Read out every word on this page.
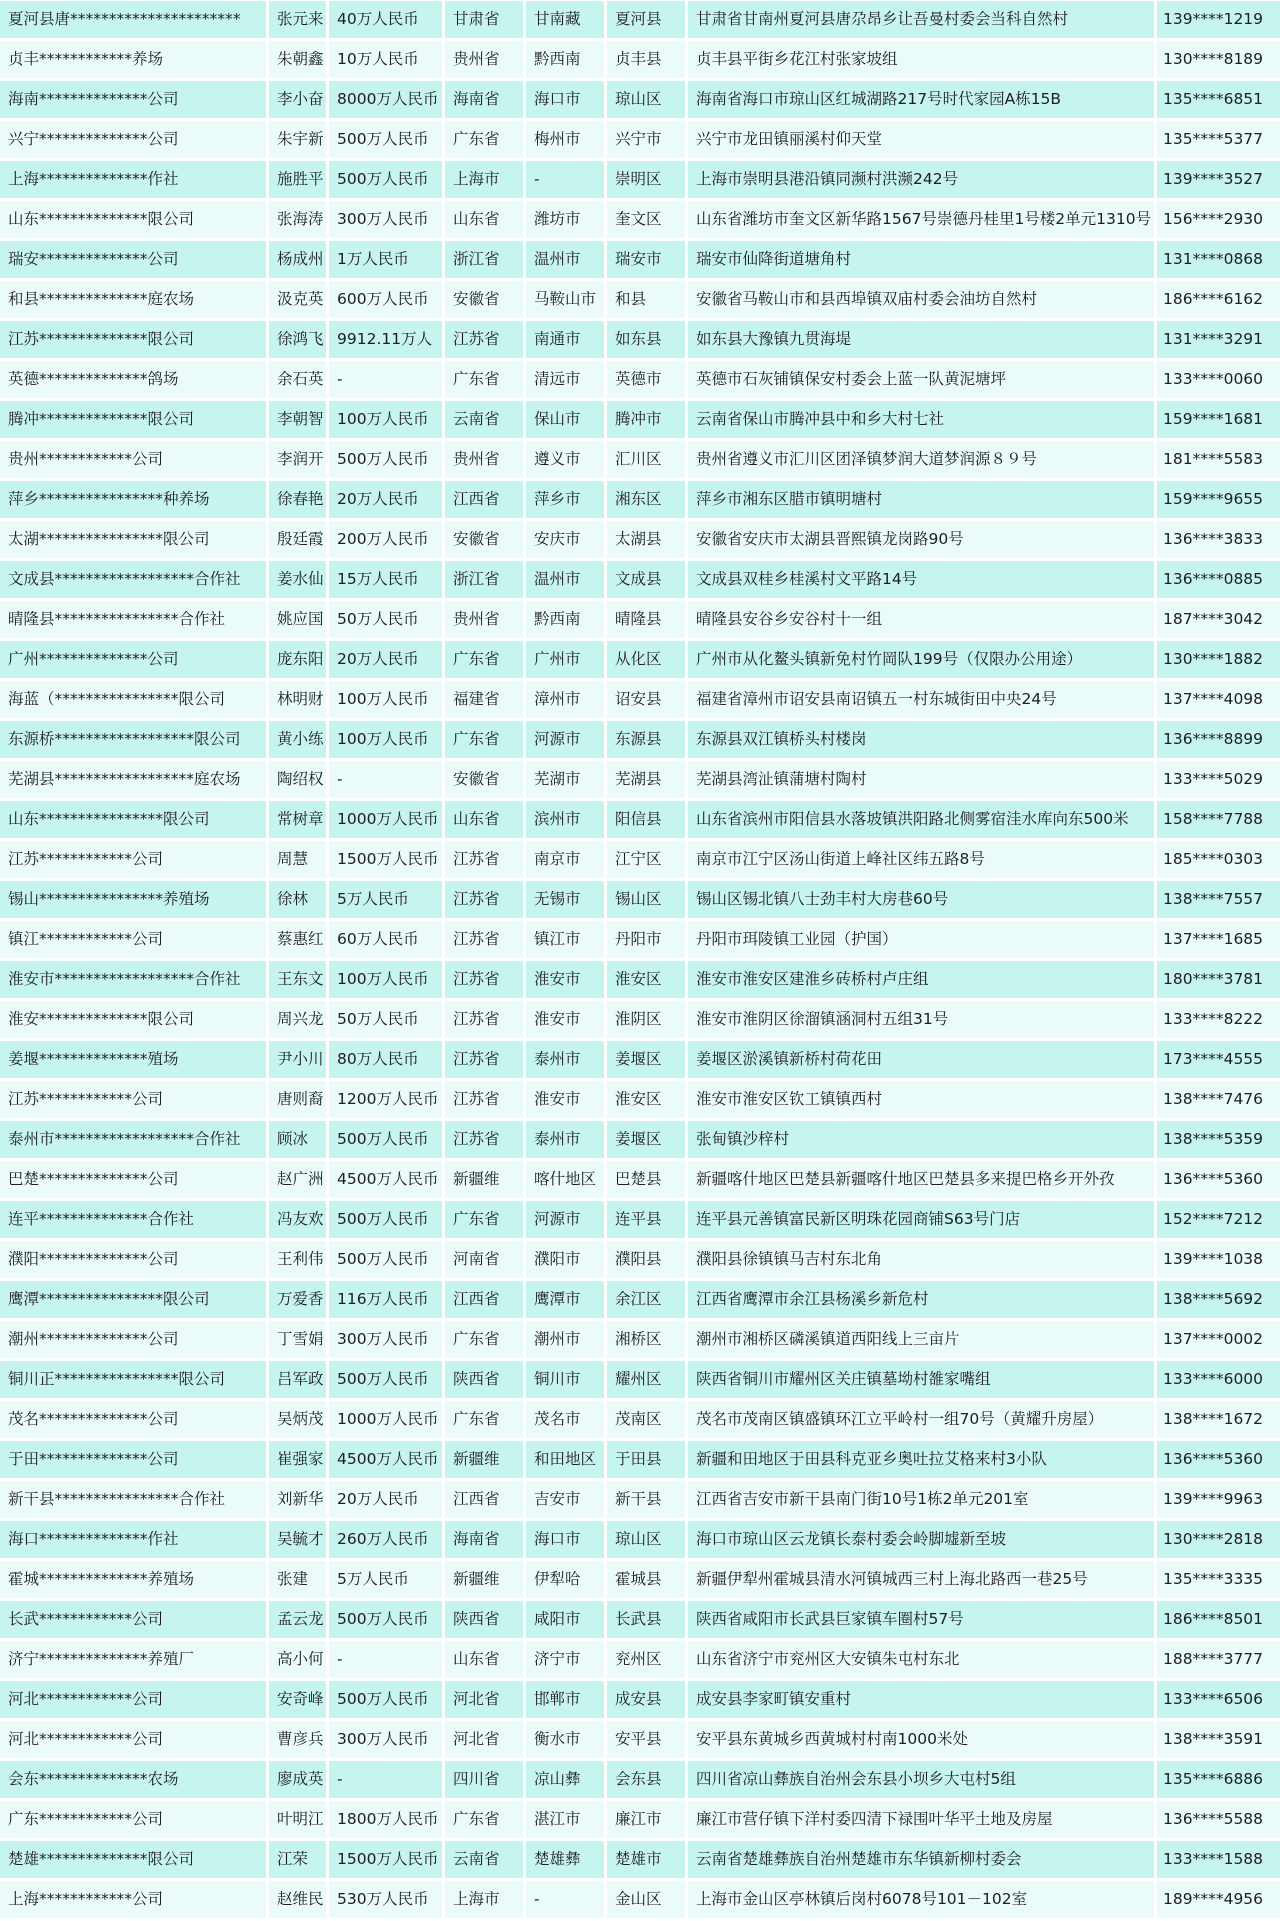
夏河县唐**********************	张元来	40万人民币	甘肃省	甘南藏	夏河县	甘肃省甘南州夏河县唐尕昂乡让吾曼村委会当科自然村	139****1219
贞丰************养场	朱朝鑫	10万人民币	贵州省	黔西南	贞丰县	贞丰县平街乡花江村张家坡组	130****8189
海南**************公司	李小奋	8000万人民币	海南省	海口市	琼山区	海南省海口市琼山区红城湖路217号时代家园A栋15B	135****6851
兴宁**************公司	朱宇新	500万人民币	广东省	梅州市	兴宁市	兴宁市龙田镇丽溪村仰天堂	135****5377
上海**************作社	施胜平	500万人民币	上海市	-	崇明区	上海市崇明县港沿镇同濒村洪濒242号	139****3527
山东**************限公司	张海涛	300万人民币	山东省	潍坊市	奎文区	山东省潍坊市奎文区新华路1567号崇德丹桂里1号楼2单元1310号	156****2930
瑞安**************公司	杨成州	1万人民币	浙江省	温州市	瑞安市	瑞安市仙降街道塘角村	131****0868
和县**************庭农场	汲克英	600万人民币	安徽省	马鞍山市	和县	安徽省马鞍山市和县西埠镇双庙村委会油坊自然村	186****6162
江苏**************限公司	徐鸿飞	9912.11万人	江苏省	南通市	如东县	如东县大豫镇九贯海堤	131****3291
英德**************鸽场	余石英	-	广东省	清远市	英德市	英德市石灰铺镇保安村委会上蓝一队黄泥塘坪	133****0060
腾冲**************限公司	李朝智	100万人民币	云南省	保山市	腾冲市	云南省保山市腾冲县中和乡大村七社	159****1681
贵州************公司	李润开	500万人民币	贵州省	遵义市	汇川区	贵州省遵义市汇川区团泽镇梦润大道梦润源８９号	181****5583
萍乡****************种养场	徐春艳	20万人民币	江西省	萍乡市	湘东区	萍乡市湘东区腊市镇明塘村	159****9655
太湖****************限公司	殷廷霞	200万人民币	安徽省	安庆市	太湖县	安徽省安庆市太湖县晋熙镇龙岗路90号	136****3833
文成县******************合作社	姜水仙	15万人民币	浙江省	温州市	文成县	文成县双桂乡桂溪村文平路14号	136****0885
晴隆县****************合作社	姚应国	50万人民币	贵州省	黔西南	晴隆县	晴隆县安谷乡安谷村十一组	187****3042
广州**************公司	庞东阳	20万人民币	广东省	广州市	从化区	广州市从化鳌头镇新免村竹岡队199号（仅限办公用途）	130****1882
海蓝（****************限公司	林明财	100万人民币	福建省	漳州市	诏安县	福建省漳州市诏安县南诏镇五一村东城街田中央24号	137****4098
东源桥******************限公司	黄小练	100万人民币	广东省	河源市	东源县	东源县双江镇桥头村楼岗	136****8899
芜湖县******************庭农场	陶绍权	-	安徽省	芜湖市	芜湖县	芜湖县湾沚镇蒲塘村陶村	133****5029
山东****************限公司	常树章	1000万人民币	山东省	滨州市	阳信县	山东省滨州市阳信县水落坡镇洪阳路北侧雾宿洼水库向东500米	158****7788
江苏************公司	周慧	1500万人民币	江苏省	南京市	江宁区	南京市江宁区汤山街道上峰社区纬五路8号	185****0303
锡山****************养殖场	徐林	5万人民币	江苏省	无锡市	锡山区	锡山区锡北镇八士劲丰村大房巷60号	138****7557
镇江************公司	蔡惠红	60万人民币	江苏省	镇江市	丹阳市	丹阳市珥陵镇工业园（护国）	137****1685
淮安市******************合作社	王东文	100万人民币	江苏省	淮安市	淮安区	淮安市淮安区建淮乡砖桥村卢庄组	180****3781
淮安**************限公司	周兴龙	50万人民币	江苏省	淮安市	淮阴区	淮安市淮阴区徐溜镇涵洞村五组31号	133****8222
姜堰**************殖场	尹小川	80万人民币	江苏省	泰州市	姜堰区	姜堰区淤溪镇新桥村荷花田	173****4555
江苏************公司	唐则裔	1200万人民币	江苏省	淮安市	淮安区	淮安市淮安区钦工镇镇西村	138****7476
泰州市******************合作社	顾冰	500万人民币	江苏省	泰州市	姜堰区	张甸镇沙梓村	138****5359
巴楚**************公司	赵广洲	4500万人民币	新疆维	喀什地区	巴楚县	新疆喀什地区巴楚县新疆喀什地区巴楚县多来提巴格乡开外孜	136****5360
连平**************合作社	冯友欢	500万人民币	广东省	河源市	连平县	连平县元善镇富民新区明珠花园商铺S63号门店	152****7212
濮阳**************公司	王利伟	500万人民币	河南省	濮阳市	濮阳县	濮阳县徐镇镇马吉村东北角	139****1038
鹰潭****************限公司	万爱香	116万人民币	江西省	鹰潭市	余江区	江西省鹰潭市余江县杨溪乡新危村	138****5692
潮州**************公司	丁雪娟	300万人民币	广东省	潮州市	湘桥区	潮州市湘桥区磷溪镇道西阳线上三亩片	137****0002
铜川正****************限公司	吕军政	500万人民币	陕西省	铜川市	耀州区	陕西省铜川市耀州区关庄镇墓坳村雒家嘴组	133****6000
茂名**************公司	吴炳茂	1000万人民币	广东省	茂名市	茂南区	茂名市茂南区镇盛镇环江立平岭村一组70号（黄耀升房屋）	138****1672
于田**************公司	崔强家	4500万人民币	新疆维	和田地区	于田县	新疆和田地区于田县科克亚乡奥吐拉艾格来村3小队	136****5360
新干县****************合作社	刘新华	20万人民币	江西省	吉安市	新干县	江西省吉安市新干县南门街10号1栋2单元201室	139****9963
海口**************作社	吴毓才	260万人民币	海南省	海口市	琼山区	海口市琼山区云龙镇长泰村委会岭脚墟新至坡	130****2818
霍城**************养殖场	张建	5万人民币	新疆维	伊犁哈	霍城县	新疆伊犁州霍城县清水河镇城西三村上海北路西一巷25号	135****3335
长武************公司	孟云龙	500万人民币	陕西省	咸阳市	长武县	陕西省咸阳市长武县巨家镇车圈村57号	186****8501
济宁**************养殖厂	高小何	-	山东省	济宁市	兖州区	山东省济宁市兖州区大安镇朱屯村东北	188****3777
河北************公司	安奇峰	500万人民币	河北省	邯郸市	成安县	成安县李家町镇安重村	133****6506
河北************公司	曹彦兵	300万人民币	河北省	衡水市	安平县	安平县东黄城乡西黄城村村南1000米处	138****3591
会东**************农场	廖成英	-	四川省	凉山彝	会东县	四川省凉山彝族自治州会东县小坝乡大屯村5组	135****6886
广东************公司	叶明江	1800万人民币	广东省	湛江市	廉江市	廉江市营仔镇下洋村委四清下禄围叶华平土地及房屋	136****5588
楚雄**************限公司	江荣	1500万人民币	云南省	楚雄彝	楚雄市	云南省楚雄彝族自治州楚雄市东华镇新柳村委会	133****1588
上海************公司	赵维民	530万人民币	上海市	-	金山区	上海市金山区亭林镇后岗村6078号101－102室	189****4956
